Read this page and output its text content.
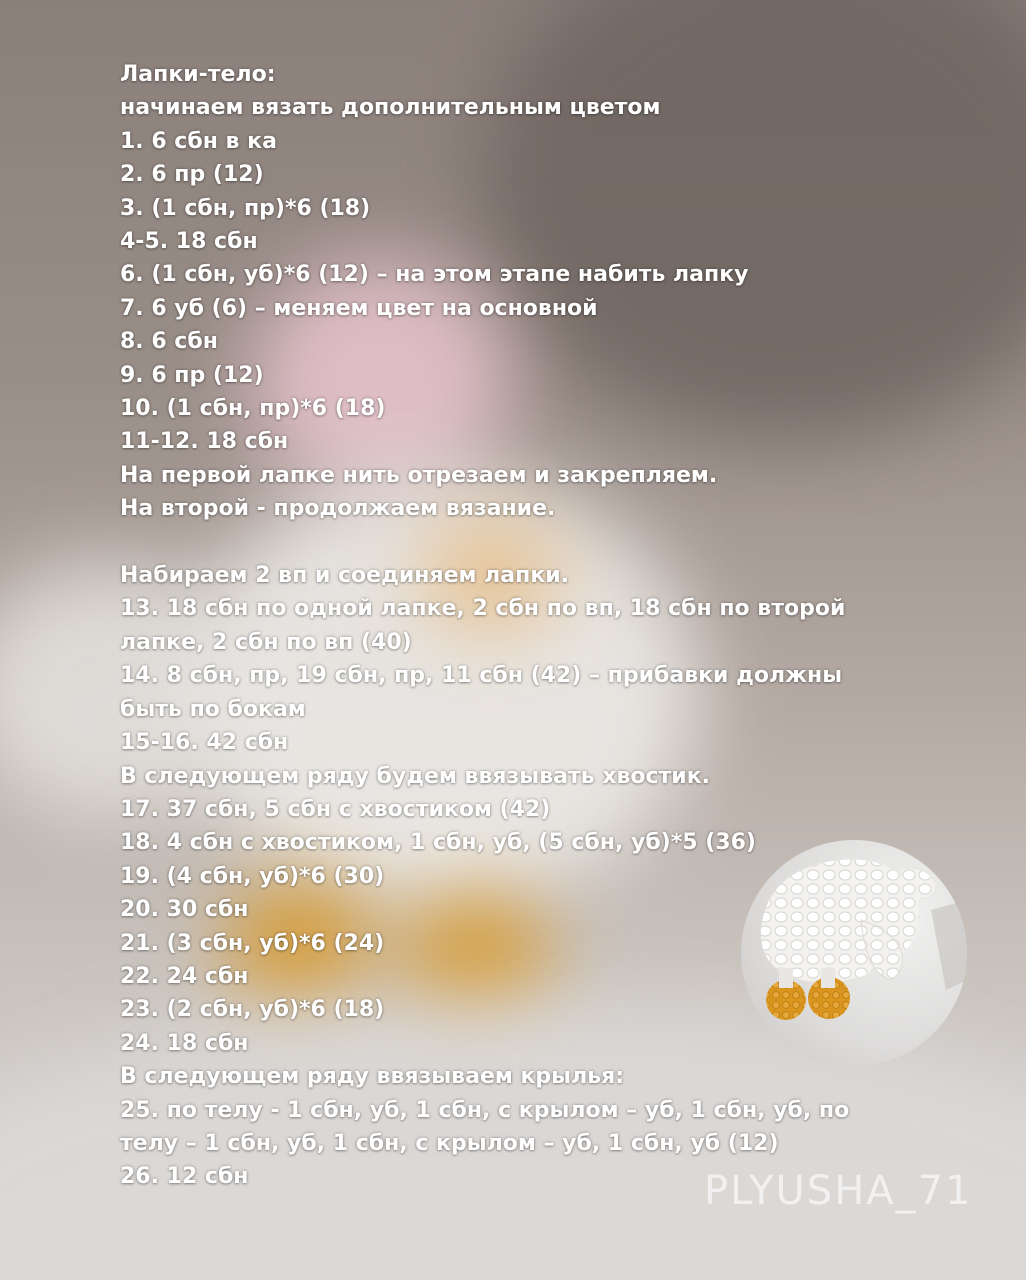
Лапки-тело:
начинаем вязать дополнительным цветом
1. 6 сбн в ка
2. 6 пр (12)
3. (1 сбн, пр)*6 (18)
4-5. 18 сбн
6. (1 сбн, уб)*6 (12) – на этом этапе набить лапку
7. 6 уб (6) – меняем цвет на основной
8. 6 сбн
9. 6 пр (12)
10. (1 сбн, пр)*6 (18)
11-12. 18 сбн
На первой лапке нить отрезаем и закрепляем.
На второй - продолжаем вязание.
Набираем 2 вп и соединяем лапки.
13. 18 сбн по одной лапке, 2 сбн по вп, 18 сбн по второй лапке, 2 сбн по вп (40)
14. 8 сбн, пр, 19 сбн, пр, 11 сбн (42) – прибавки должны быть по бокам
15-16. 42 сбн
В следующем ряду будем ввязывать хвостик.
17. 37 сбн, 5 сбн с хвостиком (42)
18. 4 сбн с хвостиком, 1 сбн, уб, (5 сбн, уб)*5 (36)
19. (4 сбн, уб)*6 (30)
20. 30 сбн
21. (3 сбн, уб)*6 (24)
22. 24 сбн
23. (2 сбн, уб)*6 (18)
24. 18 сбн
В следующем ряду ввязываем крылья:
25. по телу - 1 сбн, уб, 1 сбн, с крылом – уб, 1 сбн, уб, по телу – 1 сбн, уб, 1 сбн, с крылом – уб, 1 сбн, уб (12)
26. 12 сбн	PLYUSHA_71
